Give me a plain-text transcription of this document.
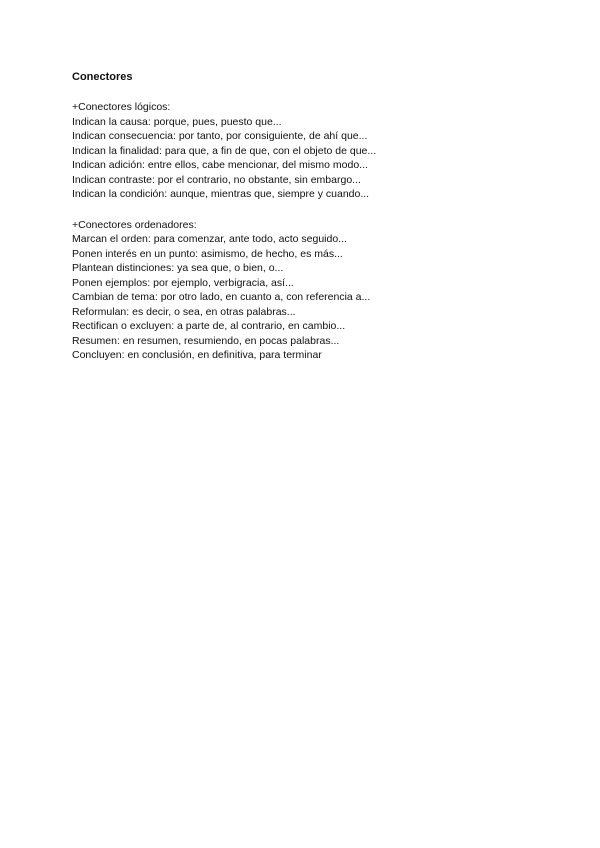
Conectores
+Conectores lógicos:
Indican la causa: porque, pues, puesto que...
Indican consecuencia: por tanto, por consiguiente, de ahí que...
Indican la finalidad: para que, a fin de que, con el objeto de que...
Indican adición: entre ellos, cabe mencionar, del mismo modo...
Indican contraste: por el contrario, no obstante, sin embargo...
Indican la condición: aunque, mientras que, siempre y cuando...
+Conectores ordenadores:
Marcan el orden: para comenzar, ante todo, acto seguido...
Ponen interés en un punto: asimismo, de hecho, es más...
Plantean distinciones: ya sea que, o bien, o...
Ponen ejemplos: por ejemplo, verbigracia, así...
Cambian de tema: por otro lado, en cuanto a, con referencia a...
Reformulan: es decir, o sea, en otras palabras...
Rectifican o excluyen: a parte de, al contrario, en cambio...
Resumen: en resumen, resumiendo, en pocas palabras...
Concluyen: en conclusión, en definitiva, para terminar
